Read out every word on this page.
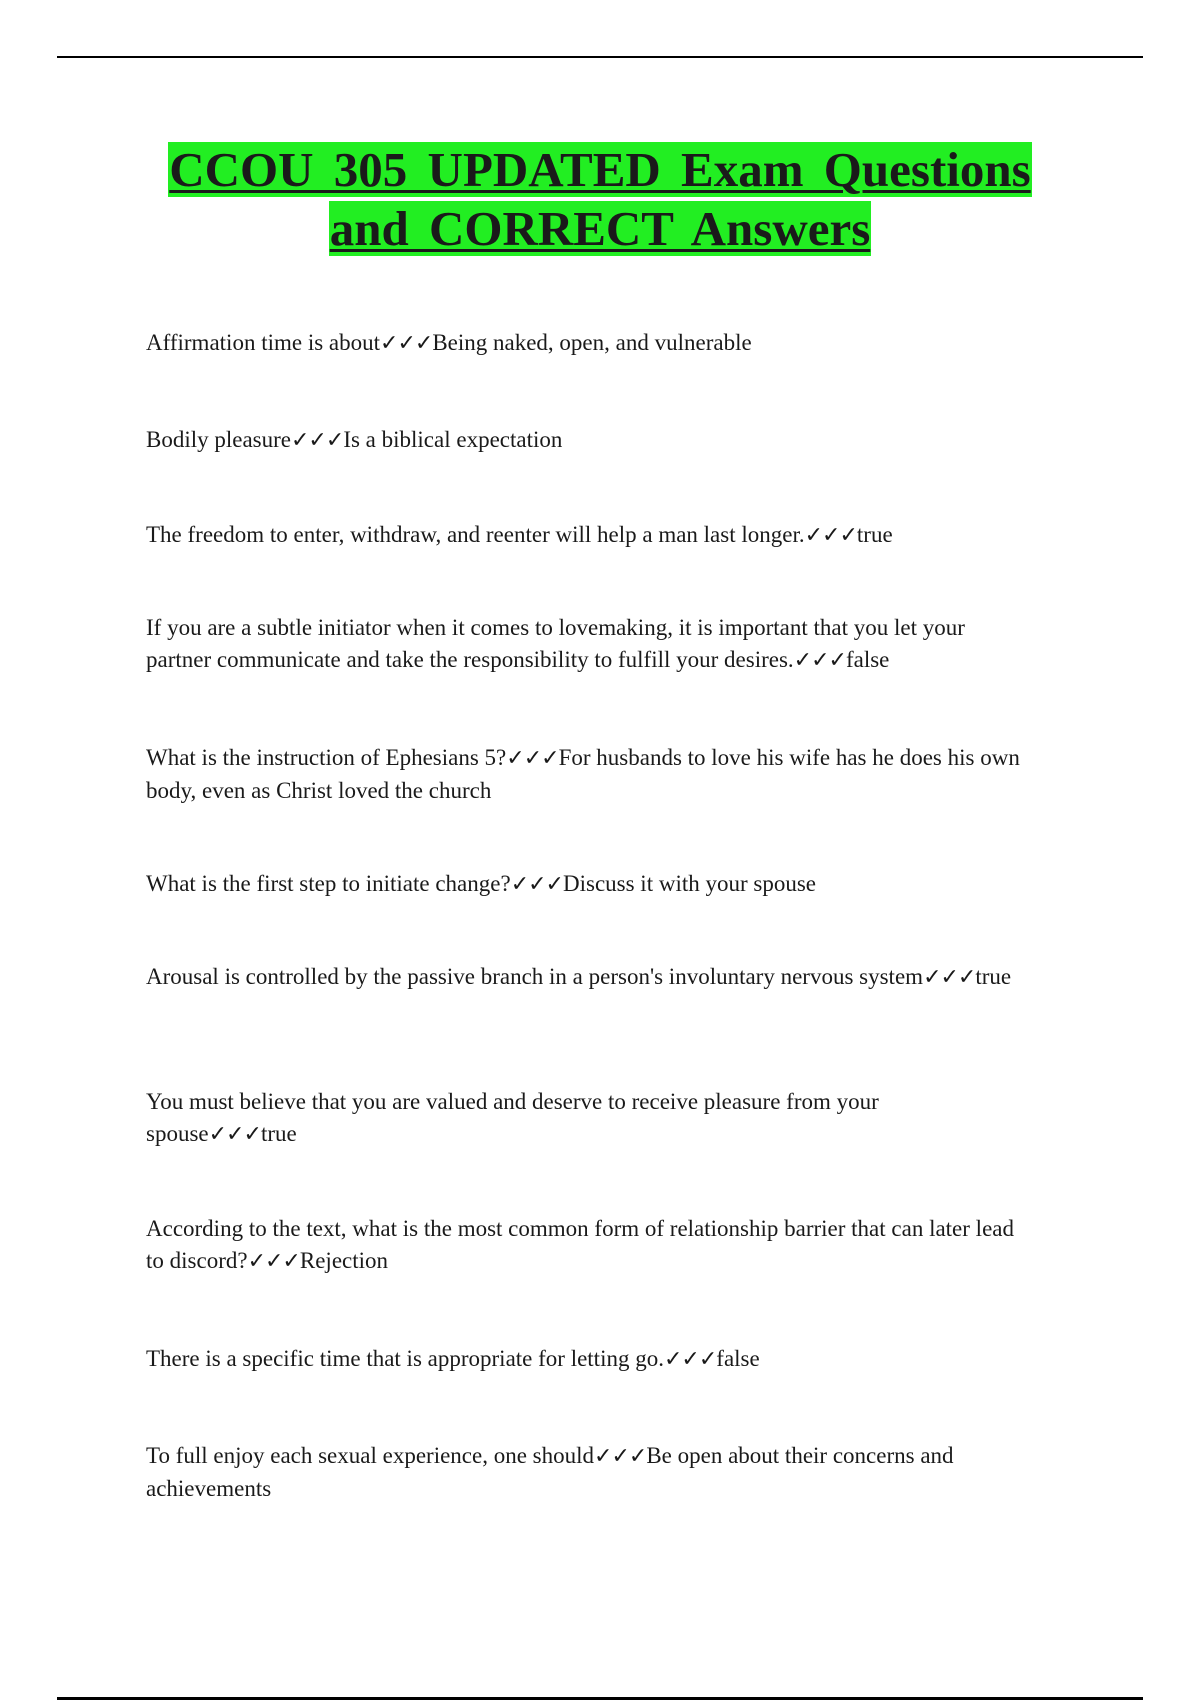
CCOU 305 UPDATED Exam Questions
and CORRECT Answers

Affirmation time is about✓✓✓Being naked, open, and vulnerable

Bodily pleasure✓✓✓Is a biblical expectation

The freedom to enter, withdraw, and reenter will help a man last longer.✓✓✓true

If you are a subtle initiator when it comes to lovemaking, it is important that you let your partner communicate and take the responsibility to fulfill your desires.✓✓✓false

What is the instruction of Ephesians 5?✓✓✓For husbands to love his wife has he does his own body, even as Christ loved the church

What is the first step to initiate change?✓✓✓Discuss it with your spouse

Arousal is controlled by the passive branch in a person's involuntary nervous system✓✓✓true

You must believe that you are valued and deserve to receive pleasure from your spouse✓✓✓true

According to the text, what is the most common form of relationship barrier that can later lead to discord?✓✓✓Rejection

There is a specific time that is appropriate for letting go.✓✓✓false

To full enjoy each sexual experience, one should✓✓✓Be open about their concerns and achievements
